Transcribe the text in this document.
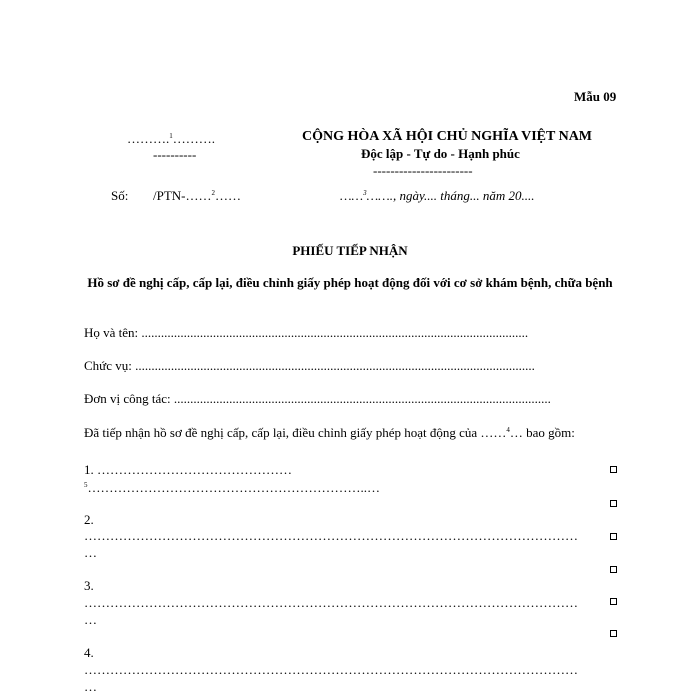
Mẫu 09
……….$^1$……….
----------
CỘNG HÒA XÃ HỘI CHỦ NGHĨA VIỆT NAM
Độc lập - Tự do - Hạnh phúc
-----------------------
Số: /PTN-……$^2$……	……$^3$……., ngày.... tháng... năm 20....
PHIẾU TIẾP NHẬN
Hồ sơ đề nghị cấp, cấp lại, điều chỉnh giấy phép hoạt động đối với cơ sở khám bệnh, chữa bệnh
Họ và tên: .......................................................................................................................
Chức vụ: ...........................................................................................................................
Đơn vị công tác: ....................................................................................................................
Đã tiếp nhận hồ sơ đề nghị cấp, cấp lại, điều chỉnh giấy phép hoạt động của ……$^4$… bao gồm:
1. ………………………………………
$^5$………………………………………………………..…
2.
……………………………………………………………………………………………………
…
3.
……………………………………………………………………………………………………
…
4.
……………………………………………………………………………………………………
…
